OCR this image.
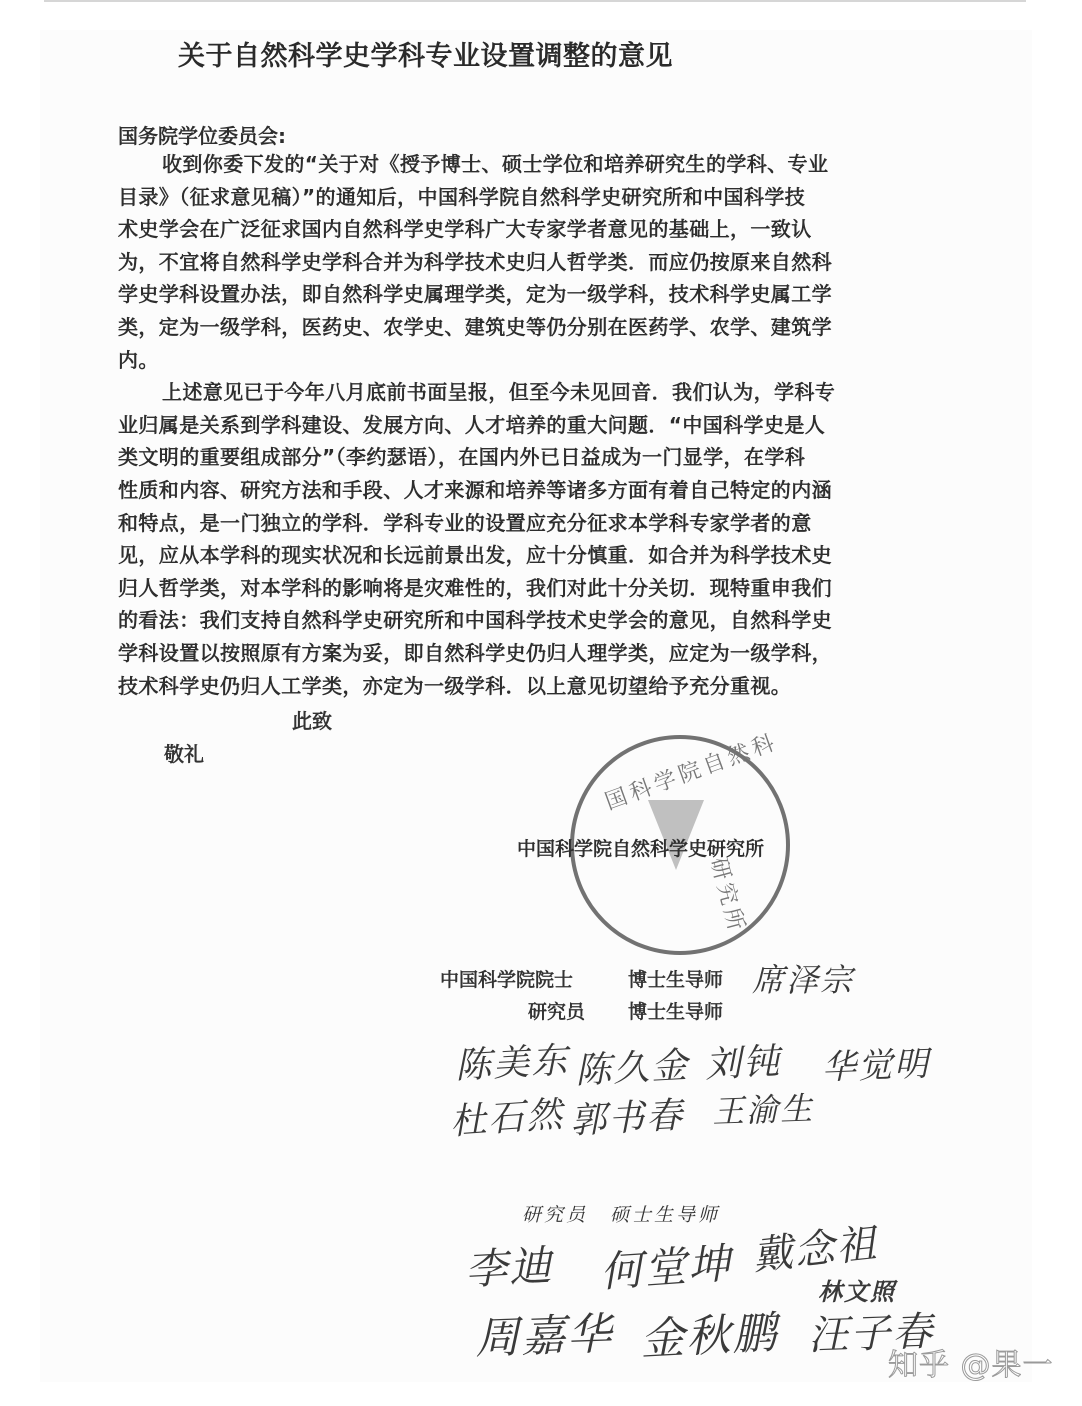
关于自然科学史学科专业设置调整的意见
国务院学位委员会:
收到你委下发的“关于对《授予博士、硕士学位和培养研究生的学科、专业
目录》（征求意见稿）”的通知后，中国科学院自然科学史研究所和中国科学技
术史学会在广泛征求国内自然科学史学科广大专家学者意见的基础上，一致认
为，不宜将自然科学史学科合并为科学技术史归人哲学类．而应仍按原来自然科
学史学科设置办法，即自然科学史属理学类，定为一级学科，技术科学史属工学
类，定为一级学科，医药史、农学史、建筑史等仍分别在医药学、农学、建筑学
内。
上述意见已于今年八月底前书面呈报，但至今未见回音．我们认为，学科专
业归属是关系到学科建设、发展方向、人才培养的重大问题．“中国科学史是人
类文明的重要组成部分”（李约瑟语），在国内外已日益成为一门显学，在学科
性质和内容、研究方法和手段、人才来源和培养等诸多方面有着自己特定的内涵
和特点，是一门独立的学科．学科专业的设置应充分征求本学科专家学者的意
见，应从本学科的现实状况和长远前景出发，应十分慎重．如合并为科学技术史
归人哲学类，对本学科的影响将是灾难性的，我们对此十分关切．现特重申我们
的看法：我们支持自然科学史研究所和中国科学技术史学会的意见，自然科学史
学科设置以按照原有方案为妥，即自然科学史仍归人理学类，应定为一级学科，
技术科学史仍归人工学类，亦定为一级学科．以上意见切望给予充分重视。
此致
敬礼	国科学院自然科
研究所
中国科学院自然科学史研究所
中国科学院院士	博士生导师 席泽宗
研究员 博士生导师
陈美东 陈久金 刘钝 华觉明
杜石然 郭书春 王渝生
研究员　硕士生导师
李迪 何堂坤 戴念祖
林文照
周嘉华 金秋鹏 汪子春
知乎 @果一
